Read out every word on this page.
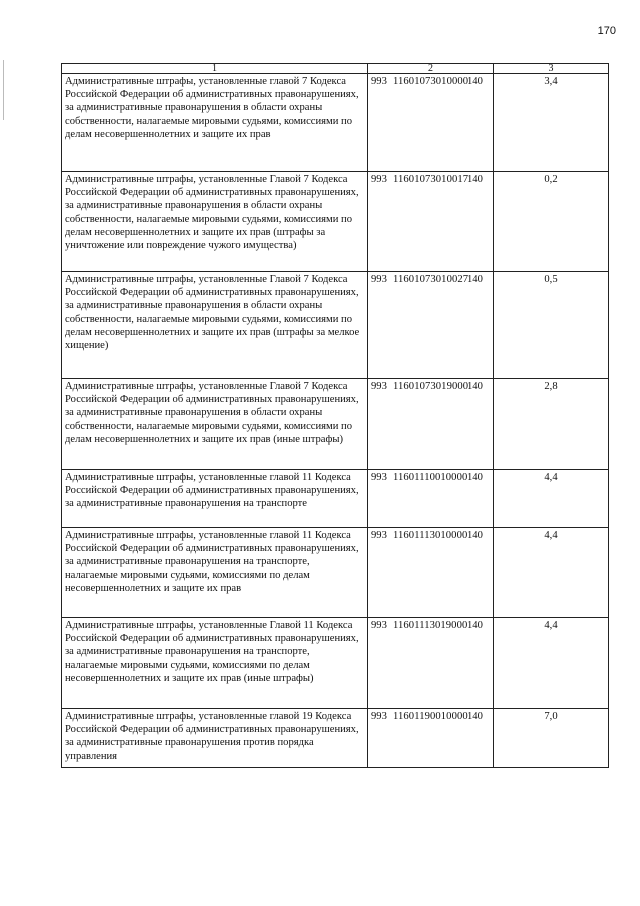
170
1	2	3
Административные штрафы, установленные главой 7 Кодекса Российской Федерации об административных правонарушениях, за административные правонарушения в области охраны собственности, налагаемые мировыми судьями, комиссиями по делам несовершеннолетних и защите их прав	993 11601073010000140	3,4
Административные штрафы, установленные Главой 7 Кодекса Российской Федерации об административных правонарушениях, за административные правонарушения в области охраны собственности, налагаемые мировыми судьями, комиссиями по делам несовершеннолетних и защите их прав (штрафы за уничтожение или повреждение чужого имущества)	993 11601073010017140	0,2
Административные штрафы, установленные Главой 7 Кодекса Российской Федерации об административных правонарушениях, за административные правонарушения в области охраны собственности, налагаемые мировыми судьями, комиссиями по делам несовершеннолетних и защите их прав (штрафы за мелкое хищение)	993 11601073010027140	0,5
Административные штрафы, установленные Главой 7 Кодекса Российской Федерации об административных правонарушениях, за административные правонарушения в области охраны собственности, налагаемые мировыми судьями, комиссиями по делам несовершеннолетних и защите их прав (иные штрафы)	993 11601073019000140	2,8
Административные штрафы, установленные главой 11 Кодекса Российской Федерации об административных правонарушениях, за административные правонарушения на транспорте	993 11601110010000140	4,4
Административные штрафы, установленные главой 11 Кодекса Российской Федерации об административных правонарушениях, за административные правонарушения на транспорте, налагаемые мировыми судьями, комиссиями по делам несовершеннолетних и защите их прав	993 11601113010000140	4,4
Административные штрафы, установленные Главой 11 Кодекса Российской Федерации об административных правонарушениях, за административные правонарушения на транспорте, налагаемые мировыми судьями, комиссиями по делам несовершеннолетних и защите их прав (иные штрафы)	993 11601113019000140	4,4
Административные штрафы, установленные главой 19 Кодекса Российской Федерации об административных правонарушениях, за административные правонарушения против порядка управления	993 11601190010000140	7,0
